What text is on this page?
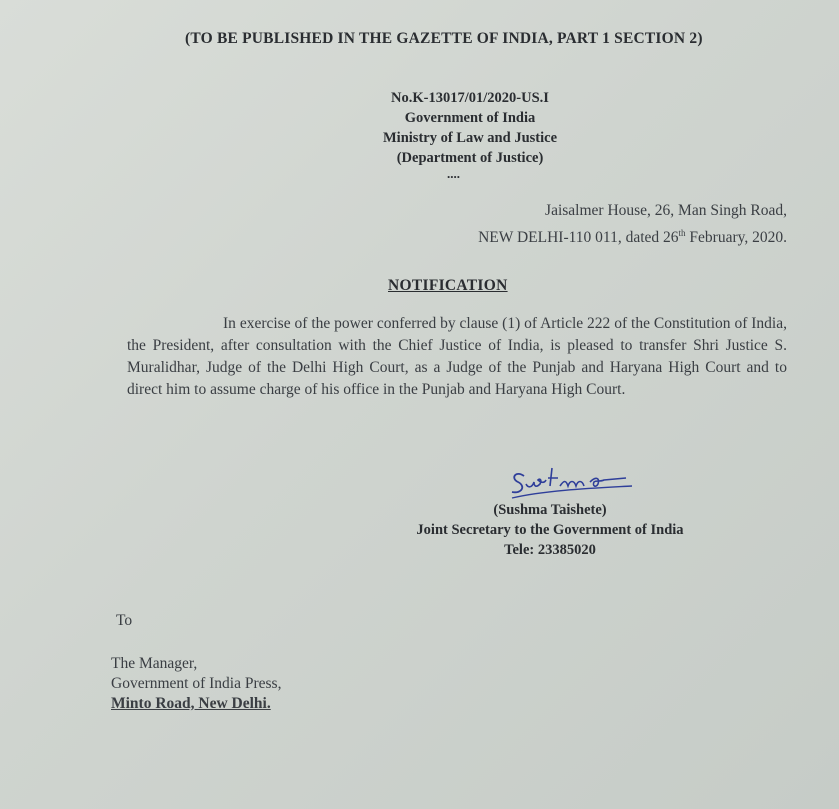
(TO BE PUBLISHED IN THE GAZETTE OF INDIA, PART 1 SECTION 2)
No.K-13017/01/2020-US.I
Government of India
Ministry of Law and Justice
(Department of Justice)
....
Jaisalmer House, 26, Man Singh Road,
NEW DELHI-110 011, dated 26th February, 2020.
NOTIFICATION
In exercise of the power conferred by clause (1) of Article 222 of the Constitution of India, the President, after consultation with the Chief Justice of India, is pleased to transfer Shri Justice S. Muralidhar, Judge of the Delhi High Court, as a Judge of the Punjab and Haryana High Court and to direct him to assume charge of his office in the Punjab and Haryana High Court.
(Sushma Taishete)
Joint Secretary to the Government of India
Tele: 23385020
To
The Manager,
Government of India Press,
Minto Road, New Delhi.
